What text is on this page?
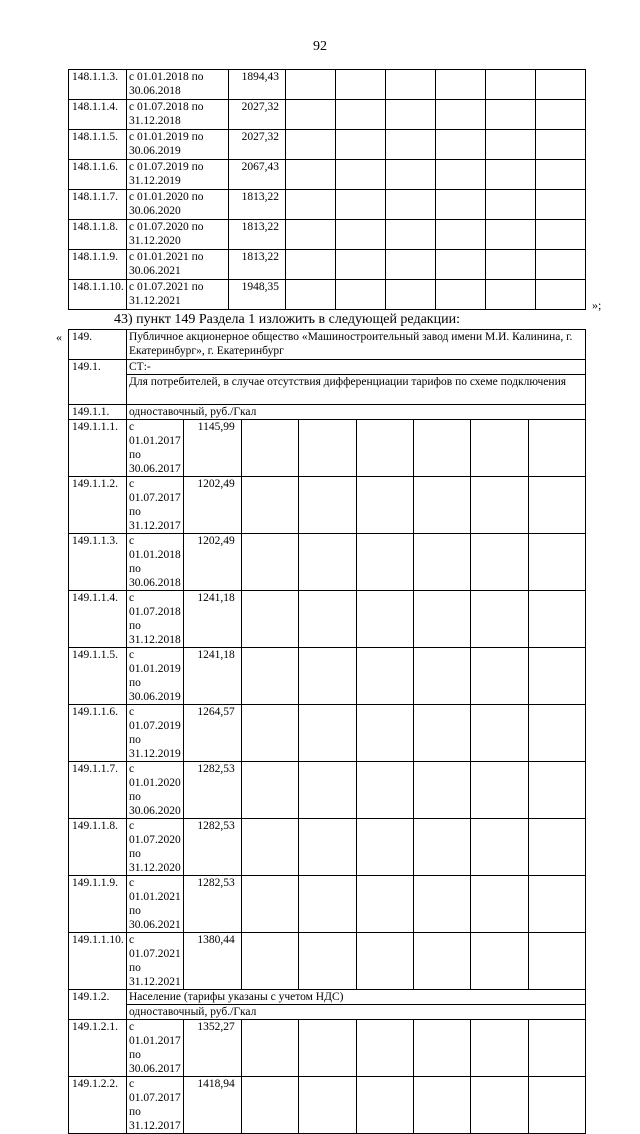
92
148.1.1.3.	с 01.01.2018 по 30.06.2018	1894,43						
148.1.1.4.	с 01.07.2018 по 31.12.2018	2027,32						
148.1.1.5.	с 01.01.2019 по 30.06.2019	2027,32						
148.1.1.6.	с 01.07.2019 по 31.12.2019	2067,43						
148.1.1.7.	с 01.01.2020 по 30.06.2020	1813,22						
148.1.1.8.	с 01.07.2020 по 31.12.2020	1813,22						
148.1.1.9.	с 01.01.2021 по 30.06.2021	1813,22						
148.1.1.10.	с 01.07.2021 по 31.12.2021	1948,35						
»;
43) пункт 149 Раздела 1 изложить в следующей редакции:
« 149.	Публичное акционерное общество «Машиностроительный завод имени М.И. Калинина, г. Екатеринбург», г. Екатеринбург							
149.1.	СТ:-							
	Для потребителей, в случае отсутствия дифференциации тарифов по схеме подключения							
149.1.1.	одноставочный, руб./Гкал							
149.1.1.1.	с 01.01.2017 по 30.06.2017	1145,99						
149.1.1.2.	с 01.07.2017 по 31.12.2017	1202,49						
149.1.1.3.	с 01.01.2018 по 30.06.2018	1202,49						
149.1.1.4.	с 01.07.2018 по 31.12.2018	1241,18						
149.1.1.5.	с 01.01.2019 по 30.06.2019	1241,18						
149.1.1.6.	с 01.07.2019 по 31.12.2019	1264,57						
149.1.1.7.	с 01.01.2020 по 30.06.2020	1282,53						
149.1.1.8.	с 01.07.2020 по 31.12.2020	1282,53						
149.1.1.9.	с 01.01.2021 по 30.06.2021	1282,53						
149.1.1.10.	с 01.07.2021 по 31.12.2021	1380,44						
149.1.2.	Население (тарифы указаны с учетом НДС)							
	одноставочный, руб./Гкал							
149.1.2.1.	с 01.01.2017 по 30.06.2017	1352,27						
149.1.2.2.	с 01.07.2017 по 31.12.2017	1418,94						
